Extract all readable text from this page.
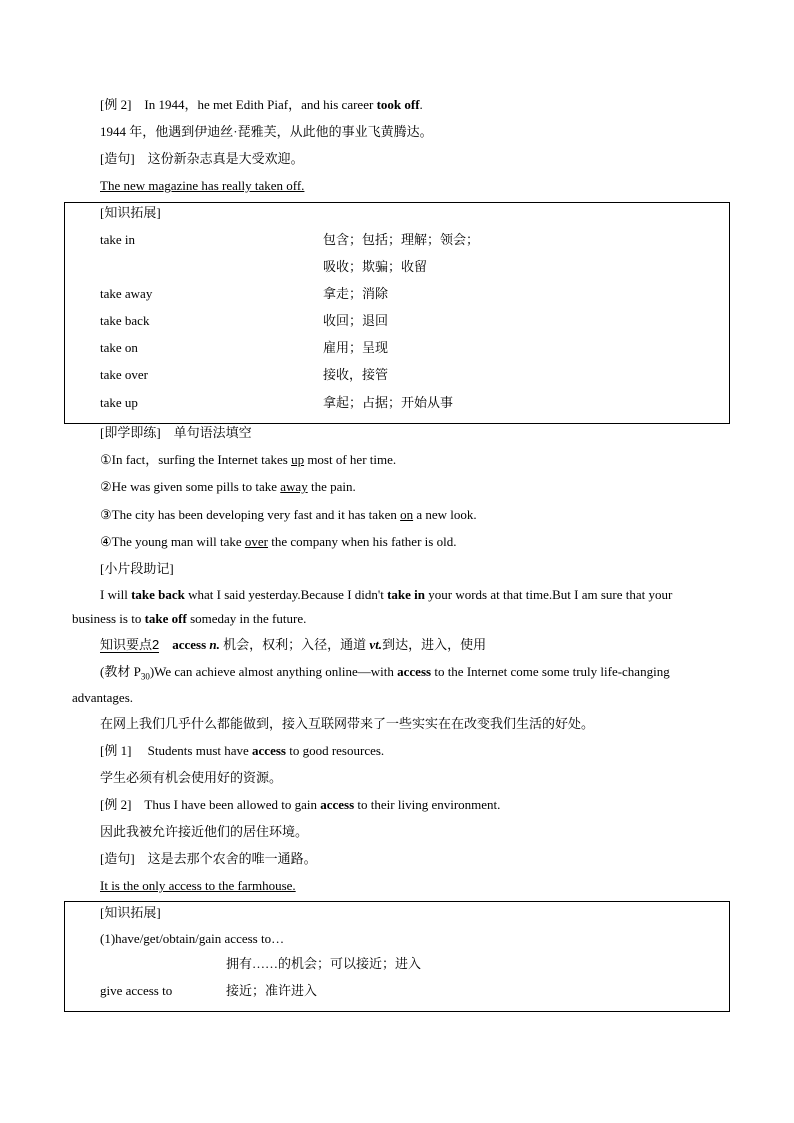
[例 2] In 1944，he met Edith Piaf，and his career took off.
1944 年，他遇到伊迪丝·琵雅芙，从此他的事业飞黄腾达。
[造句] 这份新杂志真是大受欢迎。
The new magazine has really taken off.
[知识拓展]
take in	包含；包括；理解；领会；
吸收；欺骗；收留
take away	拿走；消除
take back	收回；退回
take on	雇用；呈现
take over	接收，接管
take up	拿起；占据；开始从事
[即学即练]　单句语法填空
①In fact，surfing the Internet takes up most of her time.
②He was given some pills to take away the pain.
③The city has been developing very fast and it has taken on a new look.
④The young man will take over the company when his father is old.
[小片段助记]
I will take back what I said yesterday.Because I didn't take in your words at that time.But I am sure that your
business is to take off someday in the future.
知识要点2 access n. 机会，权利；入径，通道 vt.到达，进入，使用
(教材 $P_{30})We$ can achieve almost anything online—with access to the Internet come some truly life-changing
advantages.
在网上我们几乎什么都能做到，接入互联网带来了一些实实在在改变我们生活的好处。
[例 1] Students must have access to good resources.
学生必须有机会使用好的资源。
[例 2] Thus I have been allowed to gain access to their living environment.
因此我被允许接近他们的居住环境。
[造句] 这是去那个农舍的唯一通路。
It is the only access to the farmhouse.
[知识拓展]
(1)have/get/obtain/gain access to…
拥有……的机会；可以接近；进入
give access to	接近；准许进入
